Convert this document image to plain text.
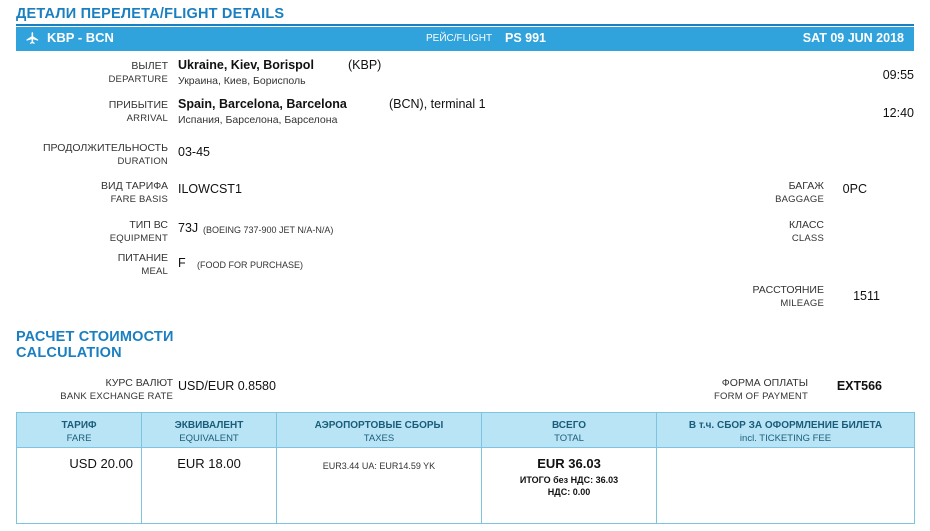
ДЕТАЛИ ПЕРЕЛЕТА/FLIGHT DETAILS
KBP - BCN	РЕЙС/FLIGHT PS 991	SAT 09 JUN 2018
ВЫЛЕТ
DEPARTURE
Ukraine, Kiev, Borispol	(KBP)
Украина, Киев, Борисполь	09:55
ПРИБЫТИЕ
ARRIVAL
Spain, Barcelona, Barcelona	(BCN), terminal 1
Испания, Барселона, Барселона	12:40
ПРОДОЛЖИТЕЛЬНОСТЬ
DURATION
03-45
ВИД ТАРИФА
FARE BASIS
ILOWCST1	БАГАЖ
BAGGAGE
0PC
ТИП ВС
EQUIPMENT
73J (BOEING 737-900 JET N/A-N/A)	КЛАСС
CLASS
ПИТАНИЕ
MEAL
F (FOOD FOR PURCHASE)
РАССТОЯНИЕ
MILEAGE
1511
РАСЧЕТ СТОИМОСТИ
CALCULATION
КУРС ВАЛЮТ
BANK EXCHANGE RATE
USD/EUR 0.8580	ФОРМА ОПЛАТЫ
FORM OF PAYMENT
EXT566
ТАРИФ
FARE	ЭКВИВАЛЕНТ
EQUIVALENT	АЭРОПОРТОВЫЕ СБОРЫ
TAXES	ВСЕГО
TOTAL	В т.ч. СБОР ЗА ОФОРМЛЕНИЕ БИЛЕТА
incl. TICKETING FEE

USD 20.00	EUR 18.00	EUR3.44 UA: EUR14.59 YK	EUR 36.03
ИТОГО без НДС: 36.03
НДС: 0.00	
